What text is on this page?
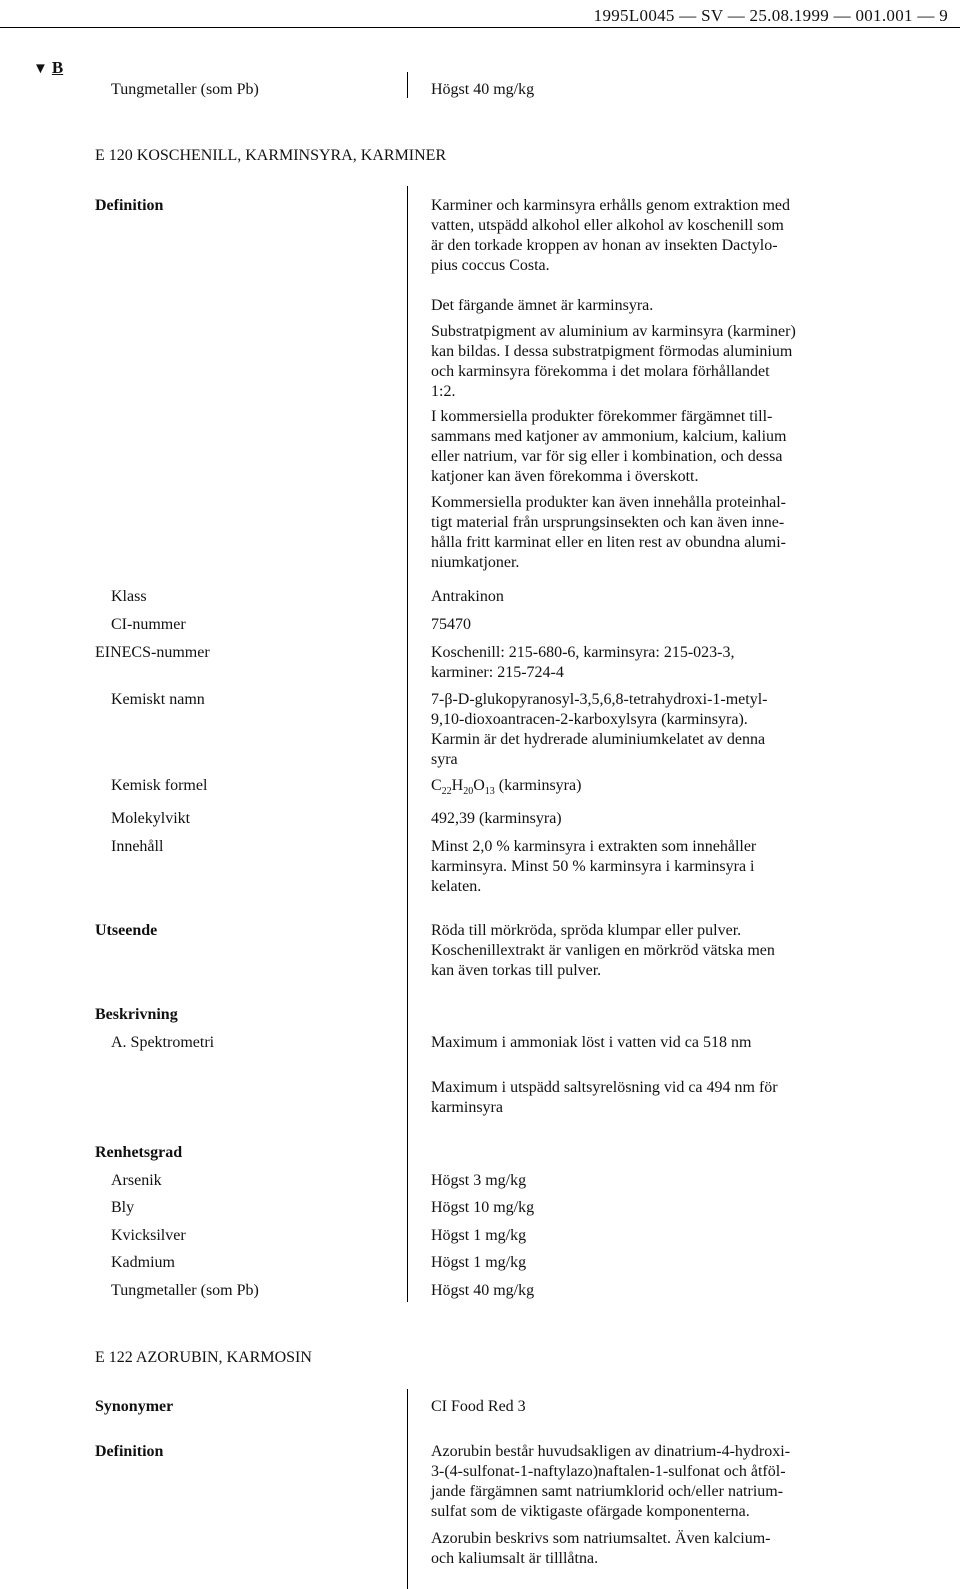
1995L0045 — SV — 25.08.1999 — 001.001 — 9
▼ B
Tungmetaller (som Pb)	Högst 40 mg/kg
E 120 KOSCHENILL, KARMINSYRA, KARMINER
Definition	Karminer och karminsyra erhålls genom extraktion med

vatten, utspädd alkohol eller alkohol av koschenill som

är den torkade kroppen av honan av insekten Dactylo-

pius coccus Costa.

Det färgande ämnet är karminsyra.

Substratpigment av aluminium av karminsyra (karminer)

kan bildas. I dessa substratpigment förmodas aluminium

och karminsyra förekomma i det molara förhållandet

1:2.

I kommersiella produkter förekommer färgämnet till-

sammans med katjoner av ammonium, kalcium, kalium

eller natrium, var för sig eller i kombination, och dessa

katjoner kan även förekomma i överskott.

Kommersiella produkter kan även innehålla proteinhal-

tigt material från ursprungsinsekten och kan även inne-

hålla fritt karminat eller en liten rest av obundna alumi-

niumkatjoner.

Klass	Antrakinon
CI-nummer	75470
EINECS-nummer	Koschenill: 215-680-6, karminsyra: 215-023-3,

karminer: 215-724-4

Kemiskt namn	7-β-D-glukopyranosyl-3,5,6,8-tetrahydroxi-1-metyl-

9,10-dioxoantracen-2-karboxylsyra (karminsyra).

Karmin är det hydrerade aluminiumkelatet av denna

syra

Kemisk formel	$C_{22}H_{20}O_{13}$ (karminsyra)
Molekylvikt	492,39 (karminsyra)
Innehåll	Minst 2,0 % karminsyra i extrakten som innehåller

karminsyra. Minst 50 % karminsyra i karminsyra i

kelaten.

Utseende	Röda till mörkröda, spröda klumpar eller pulver.

Koschenillextrakt är vanligen en mörkröd vätska men

kan även torkas till pulver.

Beskrivning
A. Spektrometri	Maximum i ammoniak löst i vatten vid ca 518 nm

Maximum i utspädd saltsyrelösning vid ca 494 nm för

karminsyra

Renhetsgrad
Arsenik	Högst 3 mg/kg
Bly	Högst 10 mg/kg
Kvicksilver	Högst 1 mg/kg
Kadmium	Högst 1 mg/kg
Tungmetaller (som Pb)	Högst 40 mg/kg
E 122 AZORUBIN, KARMOSIN
Synonymer	CI Food Red 3
Definition	Azorubin består huvudsakligen av dinatrium-4-hydroxi-

3-(4-sulfonat-1-naftylazo)naftalen-1-sulfonat och åtföl-

jande färgämnen samt natriumklorid och/eller natrium-

sulfat som de viktigaste ofärgade komponenterna.

Azorubin beskrivs som natriumsaltet. Även kalcium-

och kaliumsalt är tilllåtna.
